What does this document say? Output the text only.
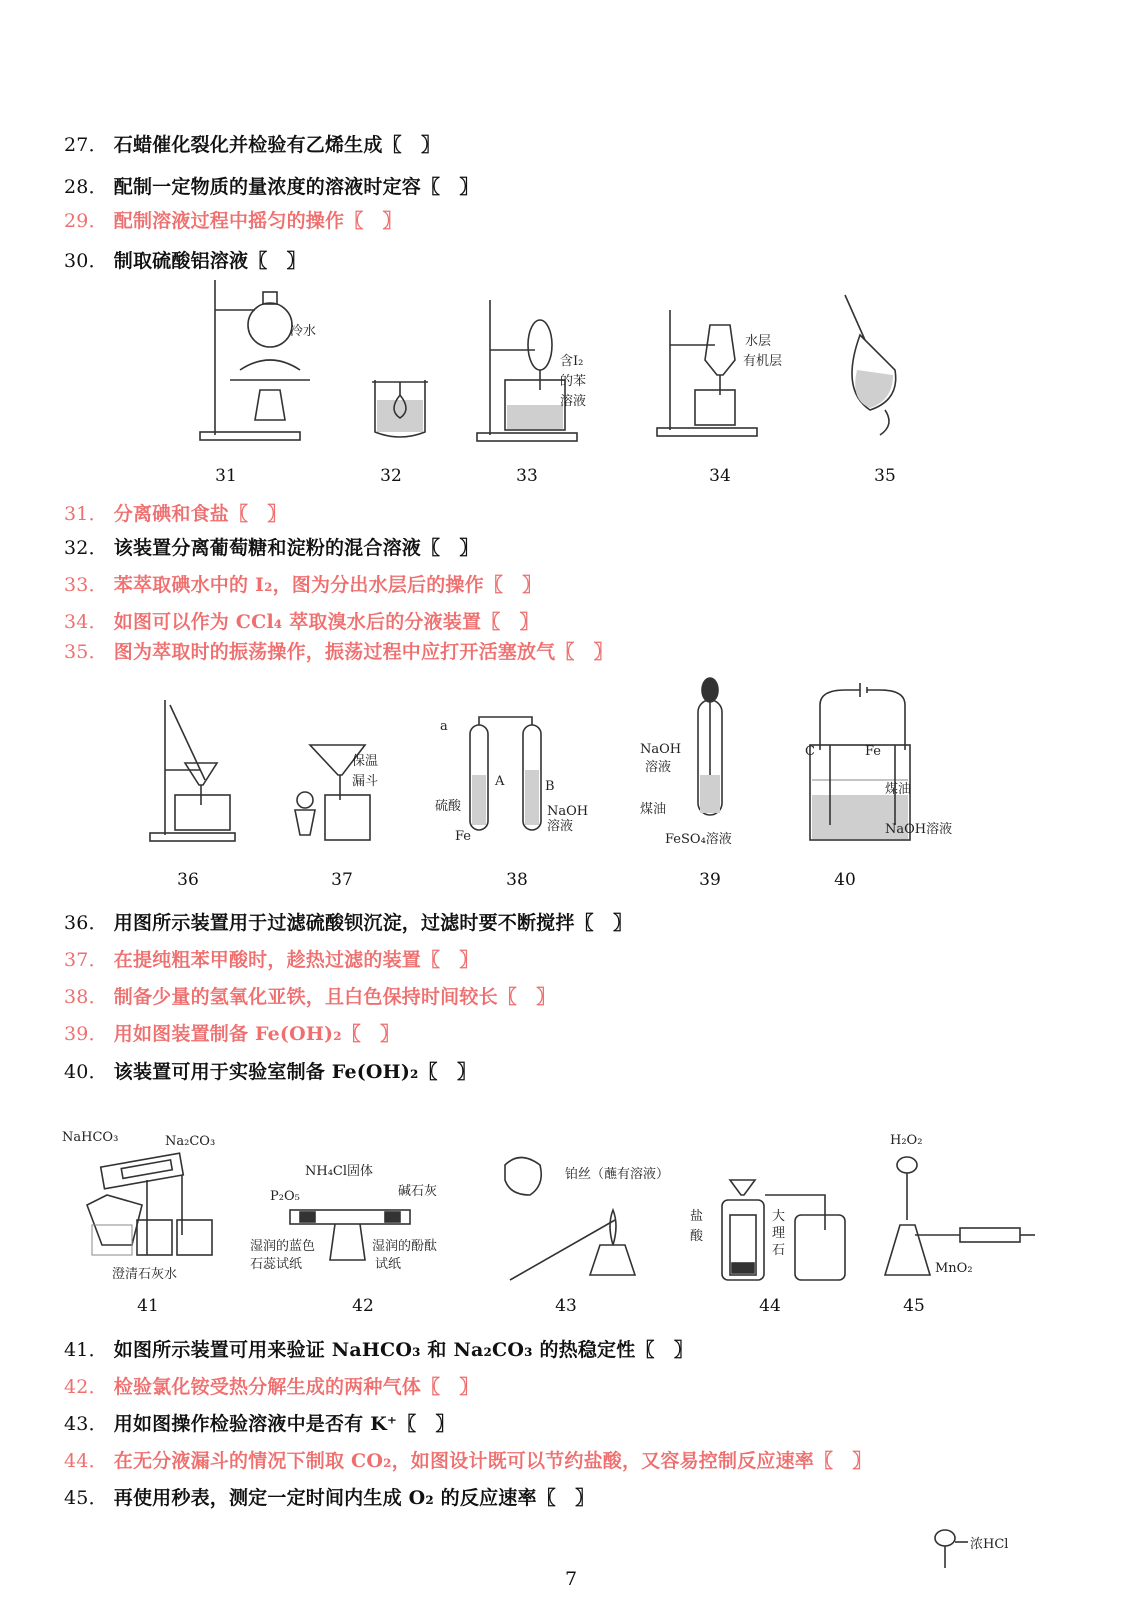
27． 石蜡催化裂化并检验有乙烯生成〖　〗
28． 配制一定物质的量浓度的溶液时定容〖　〗
29． 配制溶液过程中摇匀的操作〖　〗
30． 制取硫酸铝溶液〖　〗
冷水
含I₂
的苯
溶液
水层
有机层
31	32	33	34	35
31． 分离碘和食盐〖　〗
32． 该装置分离葡萄糖和淀粉的混合溶液〖　〗
33． 苯萃取碘水中的 I₂，图为分出水层后的操作〖　〗
34． 如图可以作为 CCl₄ 萃取溴水后的分液装置〖　〗
35． 图为萃取时的振荡操作，振荡过程中应打开活塞放气〖　〗
保温
漏斗
a
A	B
硫酸
Fe
NaOH
溶液
NaOH
溶液
煤油
FeSO₄溶液
C	Fe
煤油
NaOH溶液
36	37	38	39	40
36． 用图所示装置用于过滤硫酸钡沉淀，过滤时要不断搅拌〖　〗
37． 在提纯粗苯甲酸时，趁热过滤的装置〖　〗
38． 制备少量的氢氧化亚铁，且白色保持时间较长〖　〗
39． 用如图装置制备 Fe(OH)₂〖　〗
40． 该装置可用于实验室制备 Fe(OH)₂〖　〗
NaHCO₃	Na₂CO₃
澄清石灰水
NH₄Cl固体
P₂O₅	碱石灰
湿润的蓝色
石蕊试纸
湿润的酚酞
试纸
铂丝（蘸有溶液）
盐
酸
大
理
石
H₂O₂
MnO₂
41	42	43	44	45
41． 如图所示装置可用来验证 NaHCO₃ 和 Na₂CO₃ 的热稳定性〖　〗
42． 检验氯化铵受热分解生成的两种气体〖　〗
43． 用如图操作检验溶液中是否有 K⁺〖　〗
44． 在无分液漏斗的情况下制取 CO₂，如图设计既可以节约盐酸，又容易控制反应速率〖　〗
45． 再使用秒表，测定一定时间内生成 O₂ 的反应速率〖　〗
7
浓HCl
